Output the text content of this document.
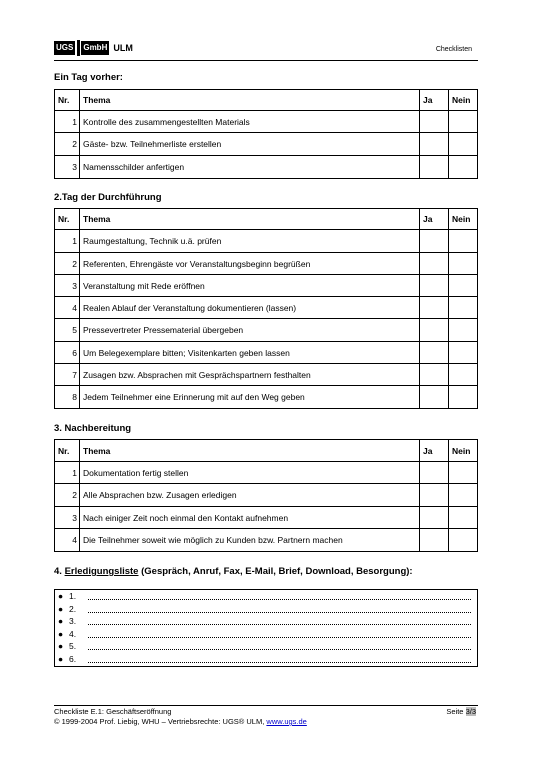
UGS GmbH ULM	Checklisten
Ein Tag vorher:
Nr.	Thema	Ja	Nein
1	Kontrolle des zusammengestellten Materials		
2	Gäste- bzw. Teilnehmerliste erstellen		
3	Namensschilder anfertigen		
2.Tag der Durchführung
Nr.	Thema	Ja	Nein
1	Raumgestaltung, Technik u.ä. prüfen		
2	Referenten, Ehrengäste vor Veranstaltungsbeginn begrüßen		
3	Veranstaltung mit Rede eröffnen		
4	Realen Ablauf der Veranstaltung dokumentieren (lassen)		
5	Pressevertreter Pressematerial übergeben		
6	Um Belegexemplare bitten; Visitenkarten geben lassen		
7	Zusagen bzw. Absprachen mit Gesprächspartnern festhalten		
8	Jedem Teilnehmer eine Erinnerung mit auf den Weg geben		
3. Nachbereitung
Nr.	Thema	Ja	Nein
1	Dokumentation fertig stellen		
2	Alle Absprachen bzw. Zusagen erledigen		
3	Nach einiger Zeit noch einmal den Kontakt aufnehmen		
4	Die Teilnehmer soweit wie möglich zu Kunden bzw. Partnern machen		
4. Erledigungsliste (Gespräch, Anruf, Fax, E-Mail, Brief, Download, Besorgung):
● 1.
● 2.
● 3.
● 4.
● 5.
● 6.
Checkliste E.1: Geschäftseröffnung
© 1999-2004 Prof. Liebig, WHU – Vertriebsrechte: UGS® ULM, www.ugs.de
Seite 3/3
